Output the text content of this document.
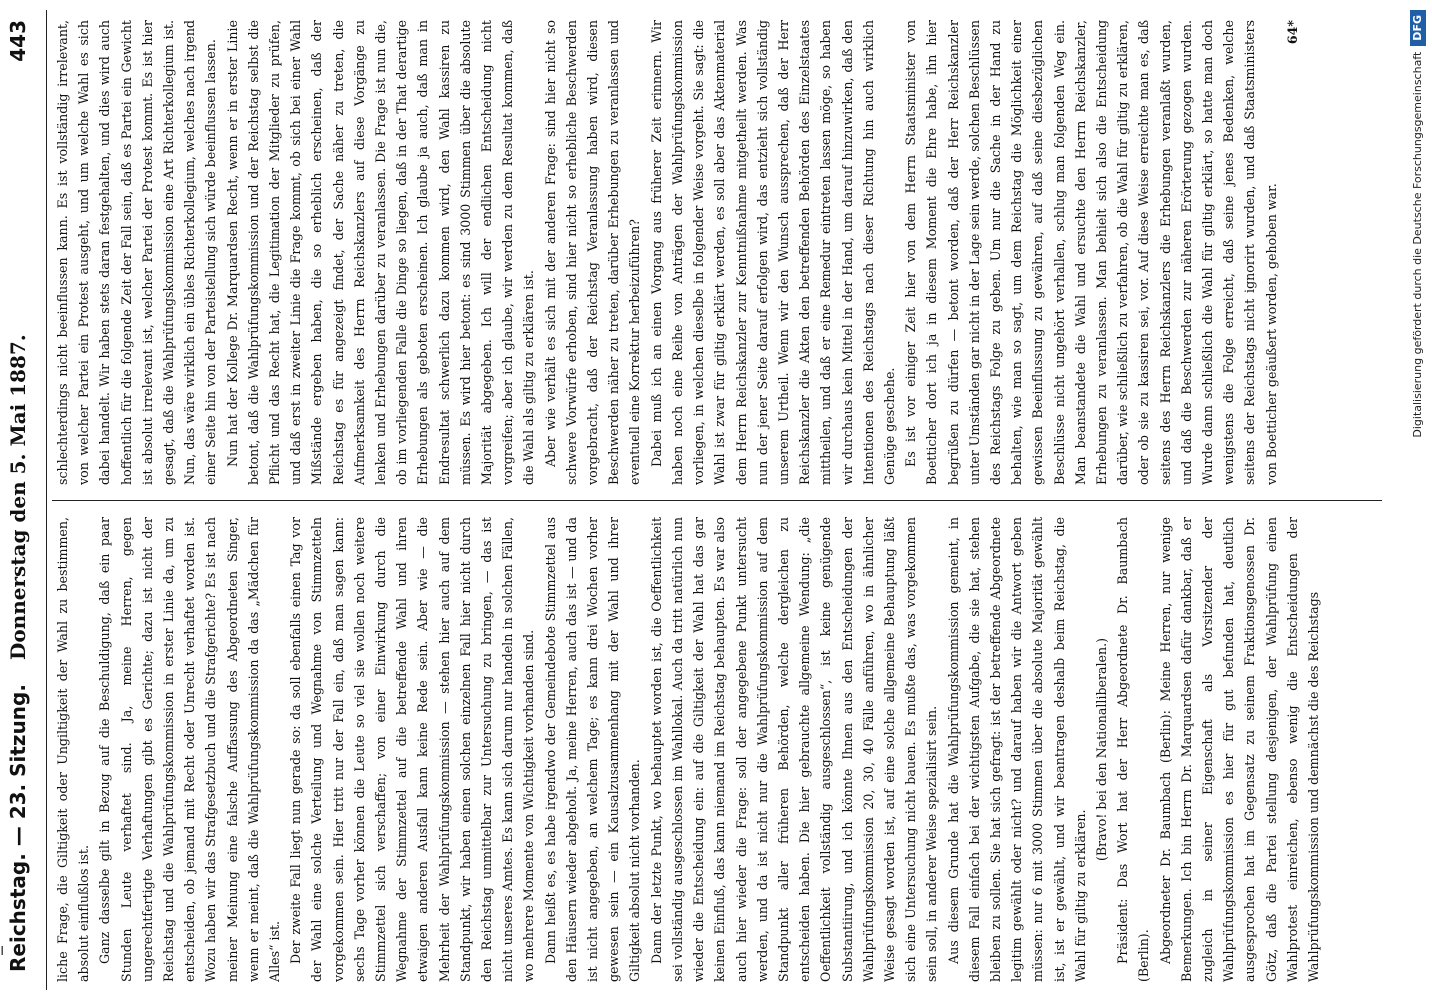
Reichstag. — 23. Sitzung.
Donnerstag den 5. Mai 1887.
443

liche Frage, die Giltigkeit oder Ungiltigkeit der Wahl zu bestimmen, absolut einflußlos ist. Ganz dasselbe gilt in Bezug auf die Beschuldigung, daß ein paar Stunden Leute verhaftet sind. Ja, meine Herren, gegen ungerechtfertigte Verhaftungen gibt es Gerichte; dazu ist nicht der Reichstag und die Wahlprüfungskommission in erster Linie da, um zu entscheiden, ob jemand mit Recht oder Unrecht verhaftet worden ist. Wozu haben wir das Strafgesetzbuch und die Strafgerichte? Es ist nach meiner Meinung eine falsche Auffassung des Abgeordneten Singer, wenn er meint, daß die Wahlprüfungskommission da das „Mädchen für Alles“ ist. Der zweite Fall liegt nun gerade so: da soll ebenfalls einen Tag vor der Wahl eine solche Verteilung und Wegnahme von Stimmzetteln vorgekommen sein. Hier tritt nur der Fall ein, daß man sagen kann: sechs Tage vorher können die Leute so viel sie wollen noch weitere Stimmzettel sich verschaffen; von einer Einwirkung durch die Wegnahme der Stimmzettel auf die betreffende Wahl und ihren etwaigen anderen Ausfall kann keine Rede sein. Aber wie — die Mehrheit der Wahlprüfungskommission — stehen hier auch auf dem Standpunkt, wir haben einen solchen einzelnen Fall hier nicht durch den Reichstag unmittelbar zur Untersuchung zu bringen, — das ist nicht unseres Amtes. Es kann sich darum nur handeln in solchen Fällen, wo mehrere Momente von Wichtigkeit vorhanden sind. Dann heißt es, es habe irgendwo der Gemeindebote Stimmzettel aus den Häusern wieder abgeholt. Ja, meine Herren, auch das ist — und da ist nicht angegeben, an welchem Tage; es kann drei Wochen vorher gewesen sein — ein Kausalzusammenhang mit der Wahl und ihrer Giltigkeit absolut nicht vorhanden. Dann der letzte Punkt, wo behauptet worden ist, die Oeffentlichkeit sei vollständig ausgeschlossen im Wahllokal. Auch da tritt natürlich nun wieder die Entscheidung ein: auf die Giltigkeit der Wahl hat das gar keinen Einfluß, das kann niemand im Reichstag behaupten. Es war also auch hier wieder die Frage: soll der angegebene Punkt untersucht werden, und da ist nicht nur die Wahlprüfungskommission auf dem Standpunkt aller früheren Behörden, welche dergleichen zu entscheiden haben. Die hier gebrauchte allgemeine Wendung: „die Oeffentlichkeit vollständig ausgeschlossen“, ist keine genügende Substantiirung, und ich könnte Ihnen aus den Entscheidungen der Wahlprüfungskommission 20, 30, 40 Fälle anführen, wo in ähnlicher Weise gesagt worden ist, auf eine solche allgemeine Behauptung läßt sich eine Untersuchung nicht bauen. Es mußte das, was vorgekommen sein soll, in anderer Weise spezialisirt sein. Aus diesem Grunde hat die Wahlprüfungskommission gemeint, in diesem Fall einfach bei der wichtigsten Aufgabe, die sie hat, stehen bleiben zu sollen. Sie hat sich gefragt: ist der betreffende Abgeordnete legitim gewählt oder nicht? und darauf haben wir die Antwort geben müssen: nur 6 mit 3000 Stimmen über die absolute Majorität gewählt ist, ist er gewählt, und wir beantragen deshalb beim Reichstag, die Wahl für giltig zu erklären.

(Bravo! bei den Nationalliberalen.) Präsident: Das Wort hat der Herr Abgeordnete Dr. Baumbach (Berlin). Abgeordneter Dr. Baumbach (Berlin): Meine Herren, nur wenige Bemerkungen. Ich bin Herrn Dr. Marquardsen dafür dankbar, daß er zugleich in seiner Eigenschaft als Vorsitzender der Wahlprüfungskommission es hier für gut befunden hat, deutlich ausgesprochen hat im Gegensatz zu seinem Fraktionsgenossen Dr. Götz, daß die Partei stellung desjenigen, der Wahlprüfung einen Wahlprotest einreichen, ebenso wenig die Entscheidungen der Wahlprüfungskommission und demnächst die des Reichstags

schlechterdings nicht beeinflussen kann. Es ist vollständig irrelevant, von welcher Partei ein Protest ausgeht, und um welche Wahl es sich dabei handelt. Wir haben stets daran festgehalten, und dies wird auch hoffentlich für die folgende Zeit der Fall sein, daß es Partei ein Gewicht ist absolut irrelevant ist, welcher Partei der Protest kommt. Es ist hier gesagt, daß die Wahlprüfungskommission eine Art Richterkollegium ist. Nun, das wäre wirklich ein übles Richterkollegium, welches nach irgend einer Seite hin von der Parteistellung sich würde beeinflussen lassen. Nun hat der Kollege Dr. Marquardsen Recht, wenn er in erster Linie betont, daß die Wahlprüfungskommission und der Reichstag selbst die Pflicht und das Recht hat, die Legitimation der Mitglieder zu prüfen, und daß erst in zweiter Linie die Frage kommt, ob sich bei einer Wahl Mißstände ergeben haben, die so erheblich erscheinen, daß der Reichstag es für angezeigt findet, der Sache näher zu treten, die Aufmerksamkeit des Herrn Reichskanzlers auf diese Vorgänge zu lenken und Erhebungen darüber zu veranlassen. Die Frage ist nun die, ob im vorliegenden Falle die Dinge so liegen, daß in der That derartige Erhebungen als geboten erscheinen. Ich glaube ja auch, daß man in Endresultat schwerlich dazu kommen wird, den Wahl kassiren zu müssen. Es wird hier betont: es sind 3000 Stimmen über die absolute Majorität abgegeben. Ich will der endlichen Entscheidung nicht vorgreifen; aber ich glaube, wir werden zu dem Resultat kommen, daß die Wahl als giltig zu erklären ist. Aber wie verhält es sich mit der anderen Frage: sind hier nicht so schwere Vorwürfe erhoben, sind hier nicht so erhebliche Beschwerden vorgebracht, daß der Reichstag Veranlassung haben wird, diesen Beschwerden näher zu treten, darüber Erhebungen zu veranlassen und eventuell eine Korrektur herbeizuführen? Dabei muß ich an einen Vorgang aus früherer Zeit erinnern. Wir haben noch eine Reihe von Anträgen der Wahlprüfungskommission vorliegen, in welchen dieselbe in folgender Weise vorgeht. Sie sagt: die Wahl ist zwar für giltig erklärt werden, es soll aber das Aktenmaterial dem Herrn Reichskanzler zur Kenntnißnahme mitgetheilt werden. Was nun der jener Seite darauf erfolgen wird, das entzieht sich vollständig unserem Urtheil. Wenn wir den Wunsch aussprechen, daß der Herr Reichskanzler die Akten den betreffenden Behörden des Einzelstaates mittheilen, und daß er eine Remedur eintreten lassen möge, so haben wir durchaus kein Mittel in der Hand, um darauf hinzuwirken, daß den Intentionen des Reichstags nach dieser Richtung hin auch wirklich Genüge geschehe. Es ist vor einiger Zeit hier von dem Herrn Staatsminister von Boetticher dort ich ja in diesem Moment die Ehre habe, ihn hier begrüßen zu dürfen — betont worden, daß der Herr Reichskanzler unter Umständen gar nicht in der Lage sein werde, solchen Beschlüssen des Reichstags Folge zu geben. Um nur die Sache in der Hand zu behalten, wie man so sagt, um dem Reichstag die Möglichkeit einer gewissen Beeinflussung zu gewähren, auf daß seine diesbezüglichen Beschlüsse nicht ungehört verhallen, schlug man folgenden Weg ein. Man beanstandete die Wahl und ersuchte den Herrn Reichskanzler, Erhebungen zu veranlassen. Man behielt sich also die Entscheidung darüber, wie schließlich zu verfahren, ob die Wahl für giltig zu erklären, oder ob sie zu kassiren sei, vor. Auf diese Weise erreichte man es, daß seitens des Herrn Reichskanzlers die Erhebungen veranlaßt wurden, und daß die Beschwerden zur näheren Erörterung gezogen wurden. Wurde dann schließlich die Wahl für giltig erklärt, so hatte man doch wenigstens die Folge erreicht, daß seine jenes Bedenken, welche seitens der Reichstags nicht ignorirt wurden, und daß Staatsministers von Boetticher geäußert worden, gehoben war.

64*

Digitalisierung gefördert durch die Deutsche ForschungsgemeinschaftDFG
ı
